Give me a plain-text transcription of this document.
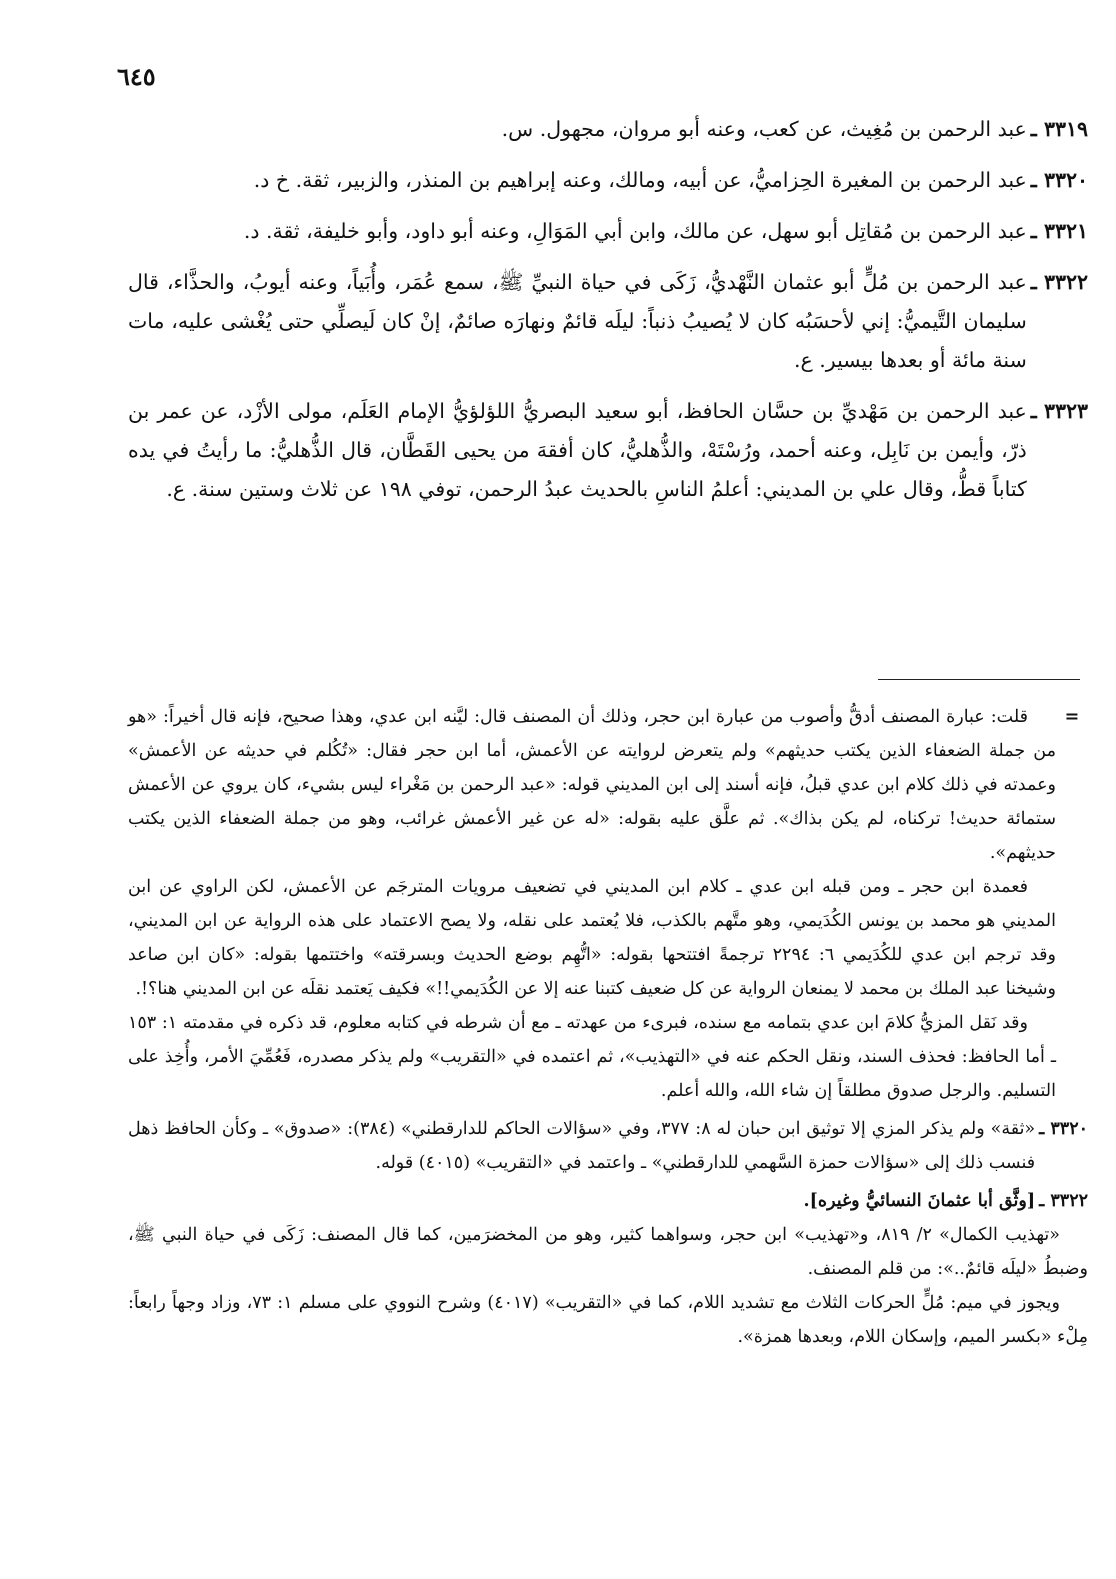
٦٤٥
٣٣١٩ ـ
عبد الرحمن بن مُغِيث، عن كعب، وعنه أبو مروان، مجهول. س.
٣٣٢٠ ـ
عبد الرحمن بن المغيرة الحِزاميُّ، عن أبيه، ومالك، وعنه إبراهيم بن المنذر، والزبير، ثقة. خ د.
٣٣٢١ ـ
عبد الرحمن بن مُقاتِل أبو سهل، عن مالك، وابن أبي المَوَالِ، وعنه أبو داود، وأبو خليفة، ثقة. د.
٣٣٢٢ ـ
عبد الرحمن بن مُلٍّ أبو عثمان النَّهْديُّ، زَكَى في حياة النبيِّ ﷺ، سمع عُمَر، وأُبَياً، وعنه أيوبُ، والحذَّاء، قال سليمان التَّيميُّ: إني لأحسَبُه كان لا يُصيبُ ذنباً: ليلَه قائمٌ ونهارَه صائمٌ، إنْ كان لَيصلِّي حتى يُغْشى عليه، مات سنة مائة أو بعدها بيسير. ع.
٣٣٢٣ ـ
عبد الرحمن بن مَهْديِّ بن حسَّان الحافظ، أبو سعيد البصريُّ اللؤلؤيُّ الإمام العَلَم، مولى الأزْد، عن عمر بن ذرّ، وأيمن بن نَابِل، وعنه أحمد، ورُسْتَهْ، والذُّهليُّ، كان أفقهَ من يحيى القَطَّان، قال الذُّهليُّ: ما رأيتُ في يده كتاباً قطُّ، وقال علي بن المديني: أعلمُ الناسِ بالحديث عبدُ الرحمن، توفي ١٩٨ عن ثلاث وستين سنة. ع.
=

قلت: عبارة المصنف أدقُّ وأصوب من عبارة ابن حجر، وذلك أن المصنف قال: ليَّنه ابن عدي، وهذا صحيح، فإنه قال أخيراً: «هو من جملة الضعفاء الذين يكتب حديثهم» ولم يتعرض لروايته عن الأعمش، أما ابن حجر فقال: «تُكُلم في حديثه عن الأعمش» وعمدته في ذلك كلام ابن عدي قبلُ، فإنه أسند إلى ابن المديني قوله: «عبد الرحمن بن مَغْراء ليس بشيء، كان يروي عن الأعمش ستمائة حديث! تركناه، لم يكن بذاك». ثم علَّق عليه بقوله: «له عن غير الأعمش غرائب، وهو من جملة الضعفاء الذين يكتب حديثهم».

فعمدة ابن حجر ـ ومن قبله ابن عدي ـ كلام ابن المديني في تضعيف مرويات المترجَم عن الأعمش، لكن الراوي عن ابن المديني هو محمد بن يونس الكُدَيمي، وهو متَّهم بالكذب، فلا يُعتمد على نقله، ولا يصح الاعتماد على هذه الرواية عن ابن المديني، وقد ترجم ابن عدي للكُدَيمي ٦: ٢٢٩٤ ترجمةً افتتحها بقوله: «اتُّهِم بوضع الحديث وبسرقته» واختتمها بقوله: «كان ابن صاعد وشيخنا عبد الملك بن محمد لا يمنعان الرواية عن كل ضعيف كتبنا عنه إلا عن الكُدَيمي!!» فكيف يَعتمد نقلَه عن ابن المديني هنا؟!.

وقد نَقل المزيُّ كلامَ ابن عدي بتمامه مع سنده، فبرىء من عهدته ـ مع أن شرطه في كتابه معلوم، قد ذكره في مقدمته ١: ١٥٣ ـ أما الحافظ: فحذف السند، ونقل الحكم عنه في «التهذيب»، ثم اعتمده في «التقريب» ولم يذكر مصدره، فَعُمِّيَ الأمر، وأُخِذ على التسليم. والرجل صدوق مطلقاً إن شاء الله، والله أعلم.

٣٣٢٠ ـ
«ثقة» ولم يذكر المزي إلا توثيق ابن حبان له ٨: ٣٧٧، وفي «سؤالات الحاكم للدارقطني» (٣٨٤): «صدوق» ـ وكأن الحافظ ذهل فنسب ذلك إلى «سؤالات حمزة السَّهمي للدارقطني» ـ واعتمد في «التقريب» (٤٠١٥) قوله.
٣٣٢٢ ـ
[وثَّق أبا عثمانَ النسائيُّ وغيره].

«تهذيب الكمال» ٢/ ٨١٩، و«تهذيب» ابن حجر، وسواهما كثير، وهو من المخضرَمين، كما قال المصنف: زَكَى في حياة النبي ﷺ، وضبطُ «ليلَه قائمٌ..»: من قلم المصنف.

ويجوز في ميم: مُلٍّ الحركات الثلاث مع تشديد اللام، كما في «التقريب» (٤٠١٧) وشرح النووي على مسلم ١: ٧٣، وزاد وجهاً رابعاً: مِلْء «بكسر الميم، وإسكان اللام، وبعدها همزة».
